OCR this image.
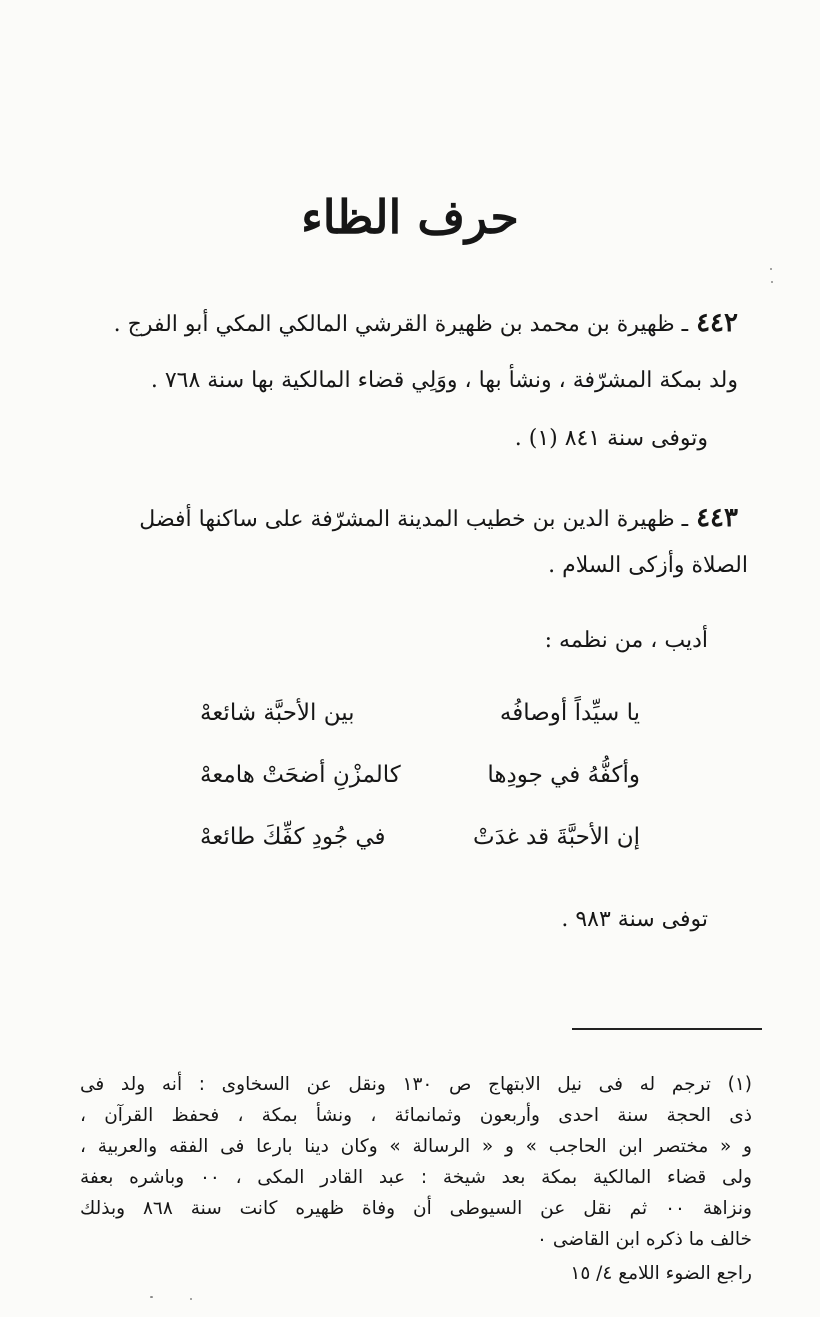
حرف الظاء
٤٤٢ـ ظهيرة بن محمد بن ظهيرة القرشي المالكي المكي أبو الفرج .
ولد بمكة المشرّفة ، ونشأ بها ، ووَلِي قضاء المالكية بها سنة ٧٦٨ .
وتوفى سنة ٨٤١ (١) .
٤٤٣ـ ظهيرة الدين بن خطيب المدينة المشرّفة على ساكنها أفضل
الصلاة وأزكى السلام .
أديب ، من نظمه :
يا سيِّداً أوصافُه
بين الأحبَّة شائعهْ
وأكفُّهُ في جودِها
كالمزْنِ أضحَتْ هامعهْ
إن الأحبَّةَ قد غدَتْ
في جُودِ كفِّكَ طائعهْ
توفى سنة ٩٨٣ .
(١) ترجم له فى نيل الابتهاج ص ١٣٠ ونقل عن السخاوى : أنه ولد فى
ذى الحجة سنة احدى وأربعون وثمانمائة ، ونشأ بمكة ، فحفظ القرآن ،
و « مختصر ابن الحاجب » و « الرسالة » وكان دينا بارعا فى الفقه والعربية ،
ولى قضاء المالكية بمكة بعد شيخة : عبد القادر المكى ، ٠٠ وباشره بعفة
ونزاهة ٠٠ ثم نقل عن السيوطى أن وفاة ظهيره كانت سنة ٨٦٨ وبذلك
خالف ما ذكره ابن القاضى ٠
راجع الضوء اللامع ٤/ ١٥
